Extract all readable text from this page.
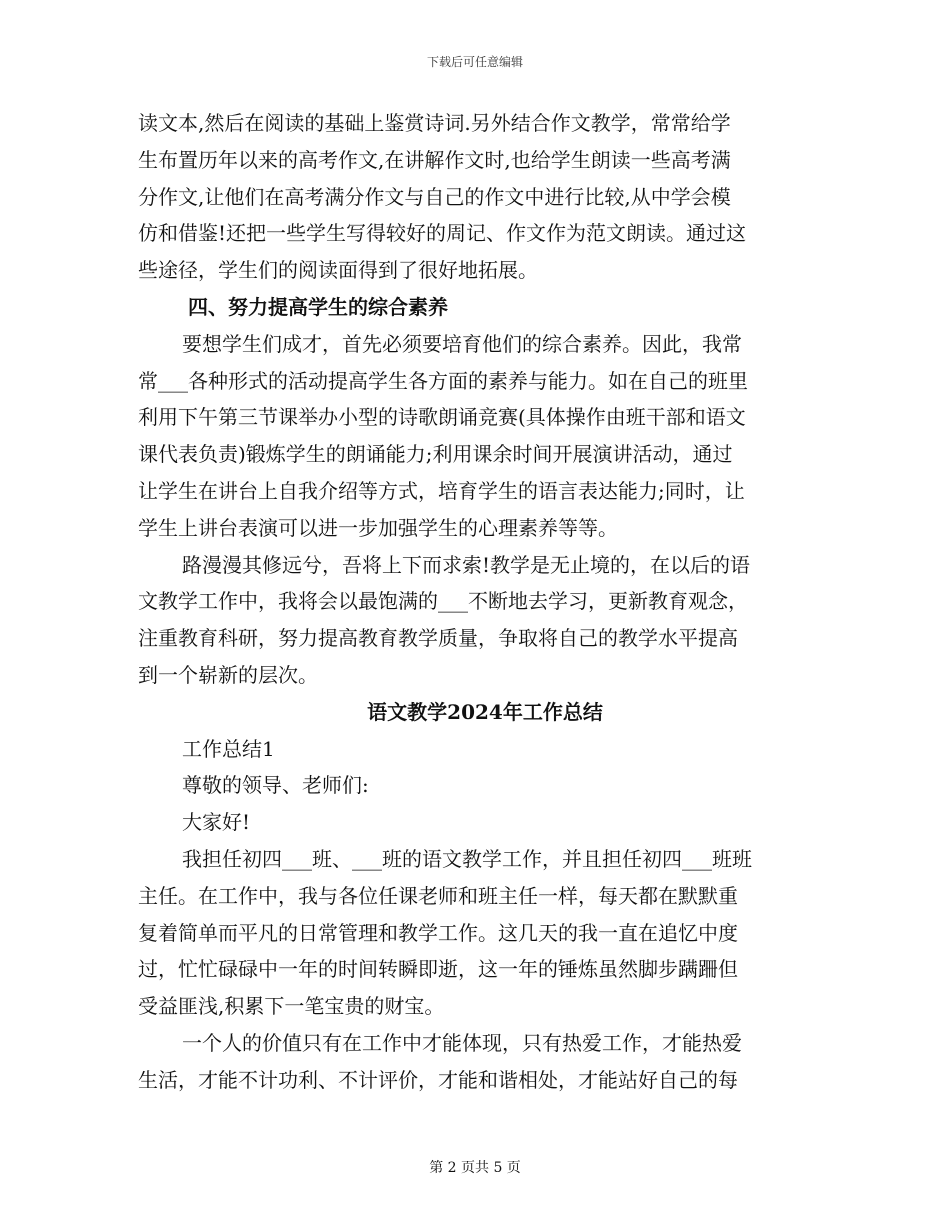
下载后可任意编辑

读文本,然后在阅读的基础上鉴赏诗词.另外结合作文教学，常常给学

生布置历年以来的高考作文,在讲解作文时,也给学生朗读一些高考满

分作文,让他们在高考满分作文与自己的作文中进行比较,从中学会模

仿和借鉴!还把一些学生写得较好的周记、作文作为范文朗读。通过这

些途径，学生们的阅读面得到了很好地拓展。

四、努力提高学生的综合素养

要想学生们成才，首先必须要培育他们的综合素养。因此，我常

常___各种形式的活动提高学生各方面的素养与能力。如在自己的班里

利用下午第三节课举办小型的诗歌朗诵竞赛(具体操作由班干部和语文

课代表负责)锻炼学生的朗诵能力;利用课余时间开展演讲活动，通过

让学生在讲台上自我介绍等方式，培育学生的语言表达能力;同时，让

学生上讲台表演可以进一步加强学生的心理素养等等。

路漫漫其修远兮，吾将上下而求索!教学是无止境的，在以后的语

文教学工作中，我将会以最饱满的___不断地去学习，更新教育观念，

注重教育科研，努力提高教育教学质量，争取将自己的教学水平提高

到一个崭新的层次。

语文教学2024年工作总结

工作总结1

尊敬的领导、老师们:

大家好!

我担任初四___班、___班的语文教学工作，并且担任初四___班班

主任。在工作中，我与各位任课老师和班主任一样，每天都在默默重

复着简单而平凡的日常管理和教学工作。这几天的我一直在追忆中度

过，忙忙碌碌中一年的时间转瞬即逝，这一年的锤炼虽然脚步蹒跚但

受益匪浅,积累下一笔宝贵的财宝。

一个人的价值只有在工作中才能体现，只有热爱工作，才能热爱

生活，才能不计功利、不计评价，才能和谐相处，才能站好自己的每

第 2 页共 5 页
